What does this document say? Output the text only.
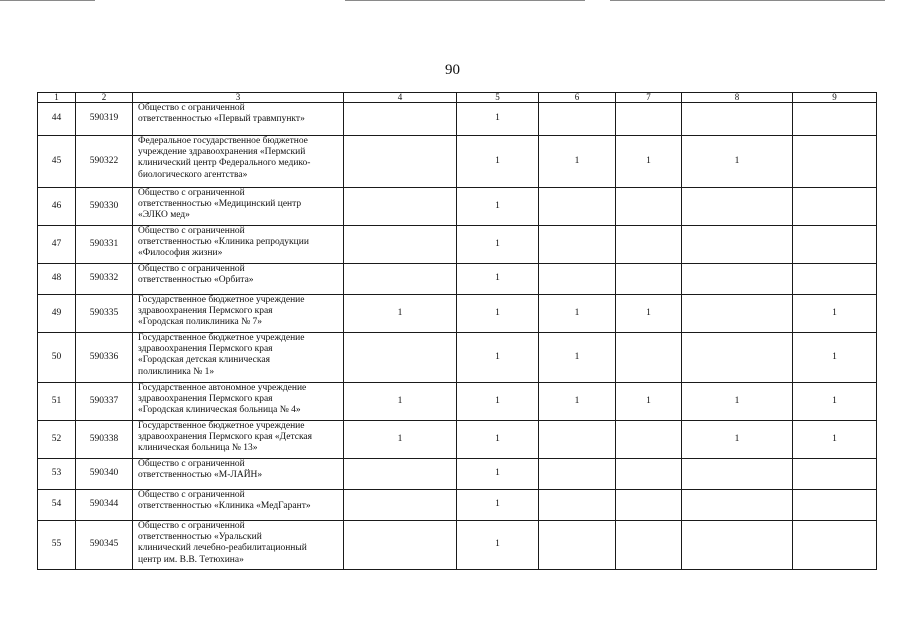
90
1	2	3	4	5	6	7	8	9
44	590319	Общество с ограниченной
ответственностью «Первый травмпункт»		1				
45	590322	Федеральное государственное бюджетное
учреждение здравоохранения «Пермский
клинический центр Федерального медико-
биологического агентства»		1	1	1	1	
46	590330	Общество с ограниченной
ответственностью «Медицинский центр
«ЭЛКО мед»		1				
47	590331	Общество с ограниченной
ответственностью «Клиника репродукции
«Философия жизни»		1				
48	590332	Общество с ограниченной
ответственностью «Орбита»		1				
49	590335	Государственное бюджетное учреждение
здравоохранения Пермского края
«Городская поликлиника № 7»	1	1	1	1		1
50	590336	Государственное бюджетное учреждение
здравоохранения Пермского края
«Городская детская клиническая
поликлиника № 1»		1	1			1
51	590337	Государственное автономное учреждение
здравоохранения Пермского края
«Городская клиническая больница № 4»	1	1	1	1	1	1
52	590338	Государственное бюджетное учреждение
здравоохранения Пермского края «Детская
клиническая больница № 13»	1	1			1	1
53	590340	Общество с ограниченной
ответственностью «М-ЛАЙН»		1				
54	590344	Общество с ограниченной
ответственностью «Клиника «МедГарант»		1				
55	590345	Общество с ограниченной
ответственностью «Уральский
клинический лечебно-реабилитационный
центр им. В.В. Тетюхина»		1				
